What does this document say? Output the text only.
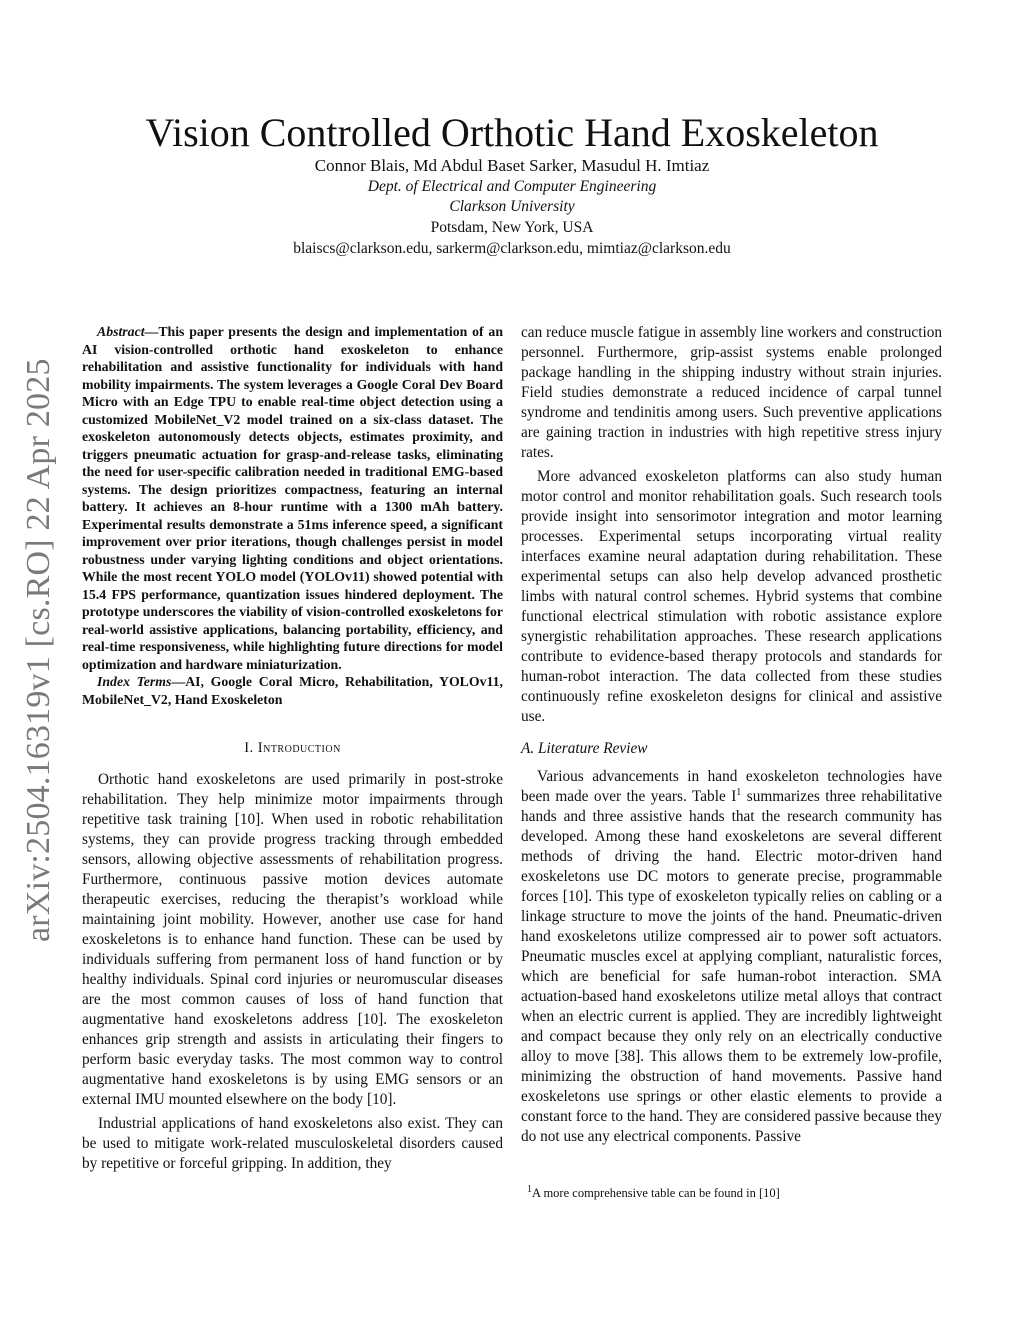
arXiv:2504.16319v1 [cs.RO] 22 Apr 2025
Vision Controlled Orthotic Hand Exoskeleton
Connor Blais, Md Abdul Baset Sarker, Masudul H. Imtiaz
Dept. of Electrical and Computer Engineering
Clarkson University
Potsdam, New York, USA
blaiscs@clarkson.edu, sarkerm@clarkson.edu, mimtiaz@clarkson.edu

Abstract—This paper presents the design and implementation of an AI vision-controlled orthotic hand exoskeleton to enhance rehabilitation and assistive functionality for individuals with hand mobility impairments. The system leverages a Google Coral Dev Board Micro with an Edge TPU to enable real-time object detection using a customized MobileNet_V2 model trained on a six-class dataset. The exoskeleton autonomously detects objects, estimates proximity, and triggers pneumatic actuation for grasp-and-release tasks, eliminating the need for user-specific calibration needed in traditional EMG-based systems. The design prioritizes compactness, featuring an internal battery. It achieves an 8-hour runtime with a 1300 mAh battery. Experimental results demonstrate a 51ms inference speed, a significant improvement over prior iterations, though challenges persist in model robustness under varying lighting conditions and object orientations. While the most recent YOLO model (YOLOv11) showed potential with 15.4 FPS performance, quantization issues hindered deployment. The prototype underscores the viability of vision-controlled exoskeletons for real-world assistive applications, balancing portability, efficiency, and real-time responsiveness, while highlighting future directions for model optimization and hardware miniaturization.

Index Terms—AI, Google Coral Micro, Rehabilitation, YOLOv11, MobileNet_V2, Hand Exoskeleton

I. Introduction

Orthotic hand exoskeletons are used primarily in post-stroke rehabilitation. They help minimize motor impairments through repetitive task training [10]. When used in robotic rehabilitation systems, they can provide progress tracking through embedded sensors, allowing objective assessments of rehabilitation progress. Furthermore, continuous passive motion devices automate therapeutic exercises, reducing the therapist’s workload while maintaining joint mobility. However, another use case for hand exoskeletons is to enhance hand function. These can be used by individuals suffering from permanent loss of hand function or by healthy individuals. Spinal cord injuries or neuromuscular diseases are the most common causes of loss of hand function that augmentative hand exoskeletons address [10]. The exoskeleton enhances grip strength and assists in articulating their fingers to perform basic everyday tasks. The most common way to control augmentative hand exoskeletons is by using EMG sensors or an external IMU mounted elsewhere on the body [10].

Industrial applications of hand exoskeletons also exist. They can be used to mitigate work-related musculoskeletal disorders caused by repetitive or forceful gripping. In addition, they

can reduce muscle fatigue in assembly line workers and construction personnel. Furthermore, grip-assist systems enable prolonged package handling in the shipping industry without strain injuries. Field studies demonstrate a reduced incidence of carpal tunnel syndrome and tendinitis among users. Such preventive applications are gaining traction in industries with high repetitive stress injury rates.

More advanced exoskeleton platforms can also study human motor control and monitor rehabilitation goals. Such research tools provide insight into sensorimotor integration and motor learning processes. Experimental setups incorporating virtual reality interfaces examine neural adaptation during rehabilitation. These experimental setups can also help develop advanced prosthetic limbs with natural control schemes. Hybrid systems that combine functional electrical stimulation with robotic assistance explore synergistic rehabilitation approaches. These research applications contribute to evidence-based therapy protocols and standards for human-robot interaction. The data collected from these studies continuously refine exoskeleton designs for clinical and assistive use.

A. Literature Review

Various advancements in hand exoskeleton technologies have been made over the years. Table $I^1$ summarizes three rehabilitative hands and three assistive hands that the research community has developed. Among these hand exoskeletons are several different methods of driving the hand. Electric motor-driven hand exoskeletons use DC motors to generate precise, programmable forces [10]. This type of exoskeleton typically relies on cabling or a linkage structure to move the joints of the hand. Pneumatic-driven hand exoskeletons utilize compressed air to power soft actuators. Pneumatic muscles excel at applying compliant, naturalistic forces, which are beneficial for safe human-robot interaction. SMA actuation-based hand exoskeletons utilize metal alloys that contract when an electric current is applied. They are incredibly lightweight and compact because they only rely on an electrically conductive alloy to move [38]. This allows them to be extremely low-profile, minimizing the obstruction of hand movements. Passive hand exoskeletons use springs or other elastic elements to provide a constant force to the hand. They are considered passive because they do not use any electrical components. Passive

$^1$A more comprehensive table can be found in [10]
